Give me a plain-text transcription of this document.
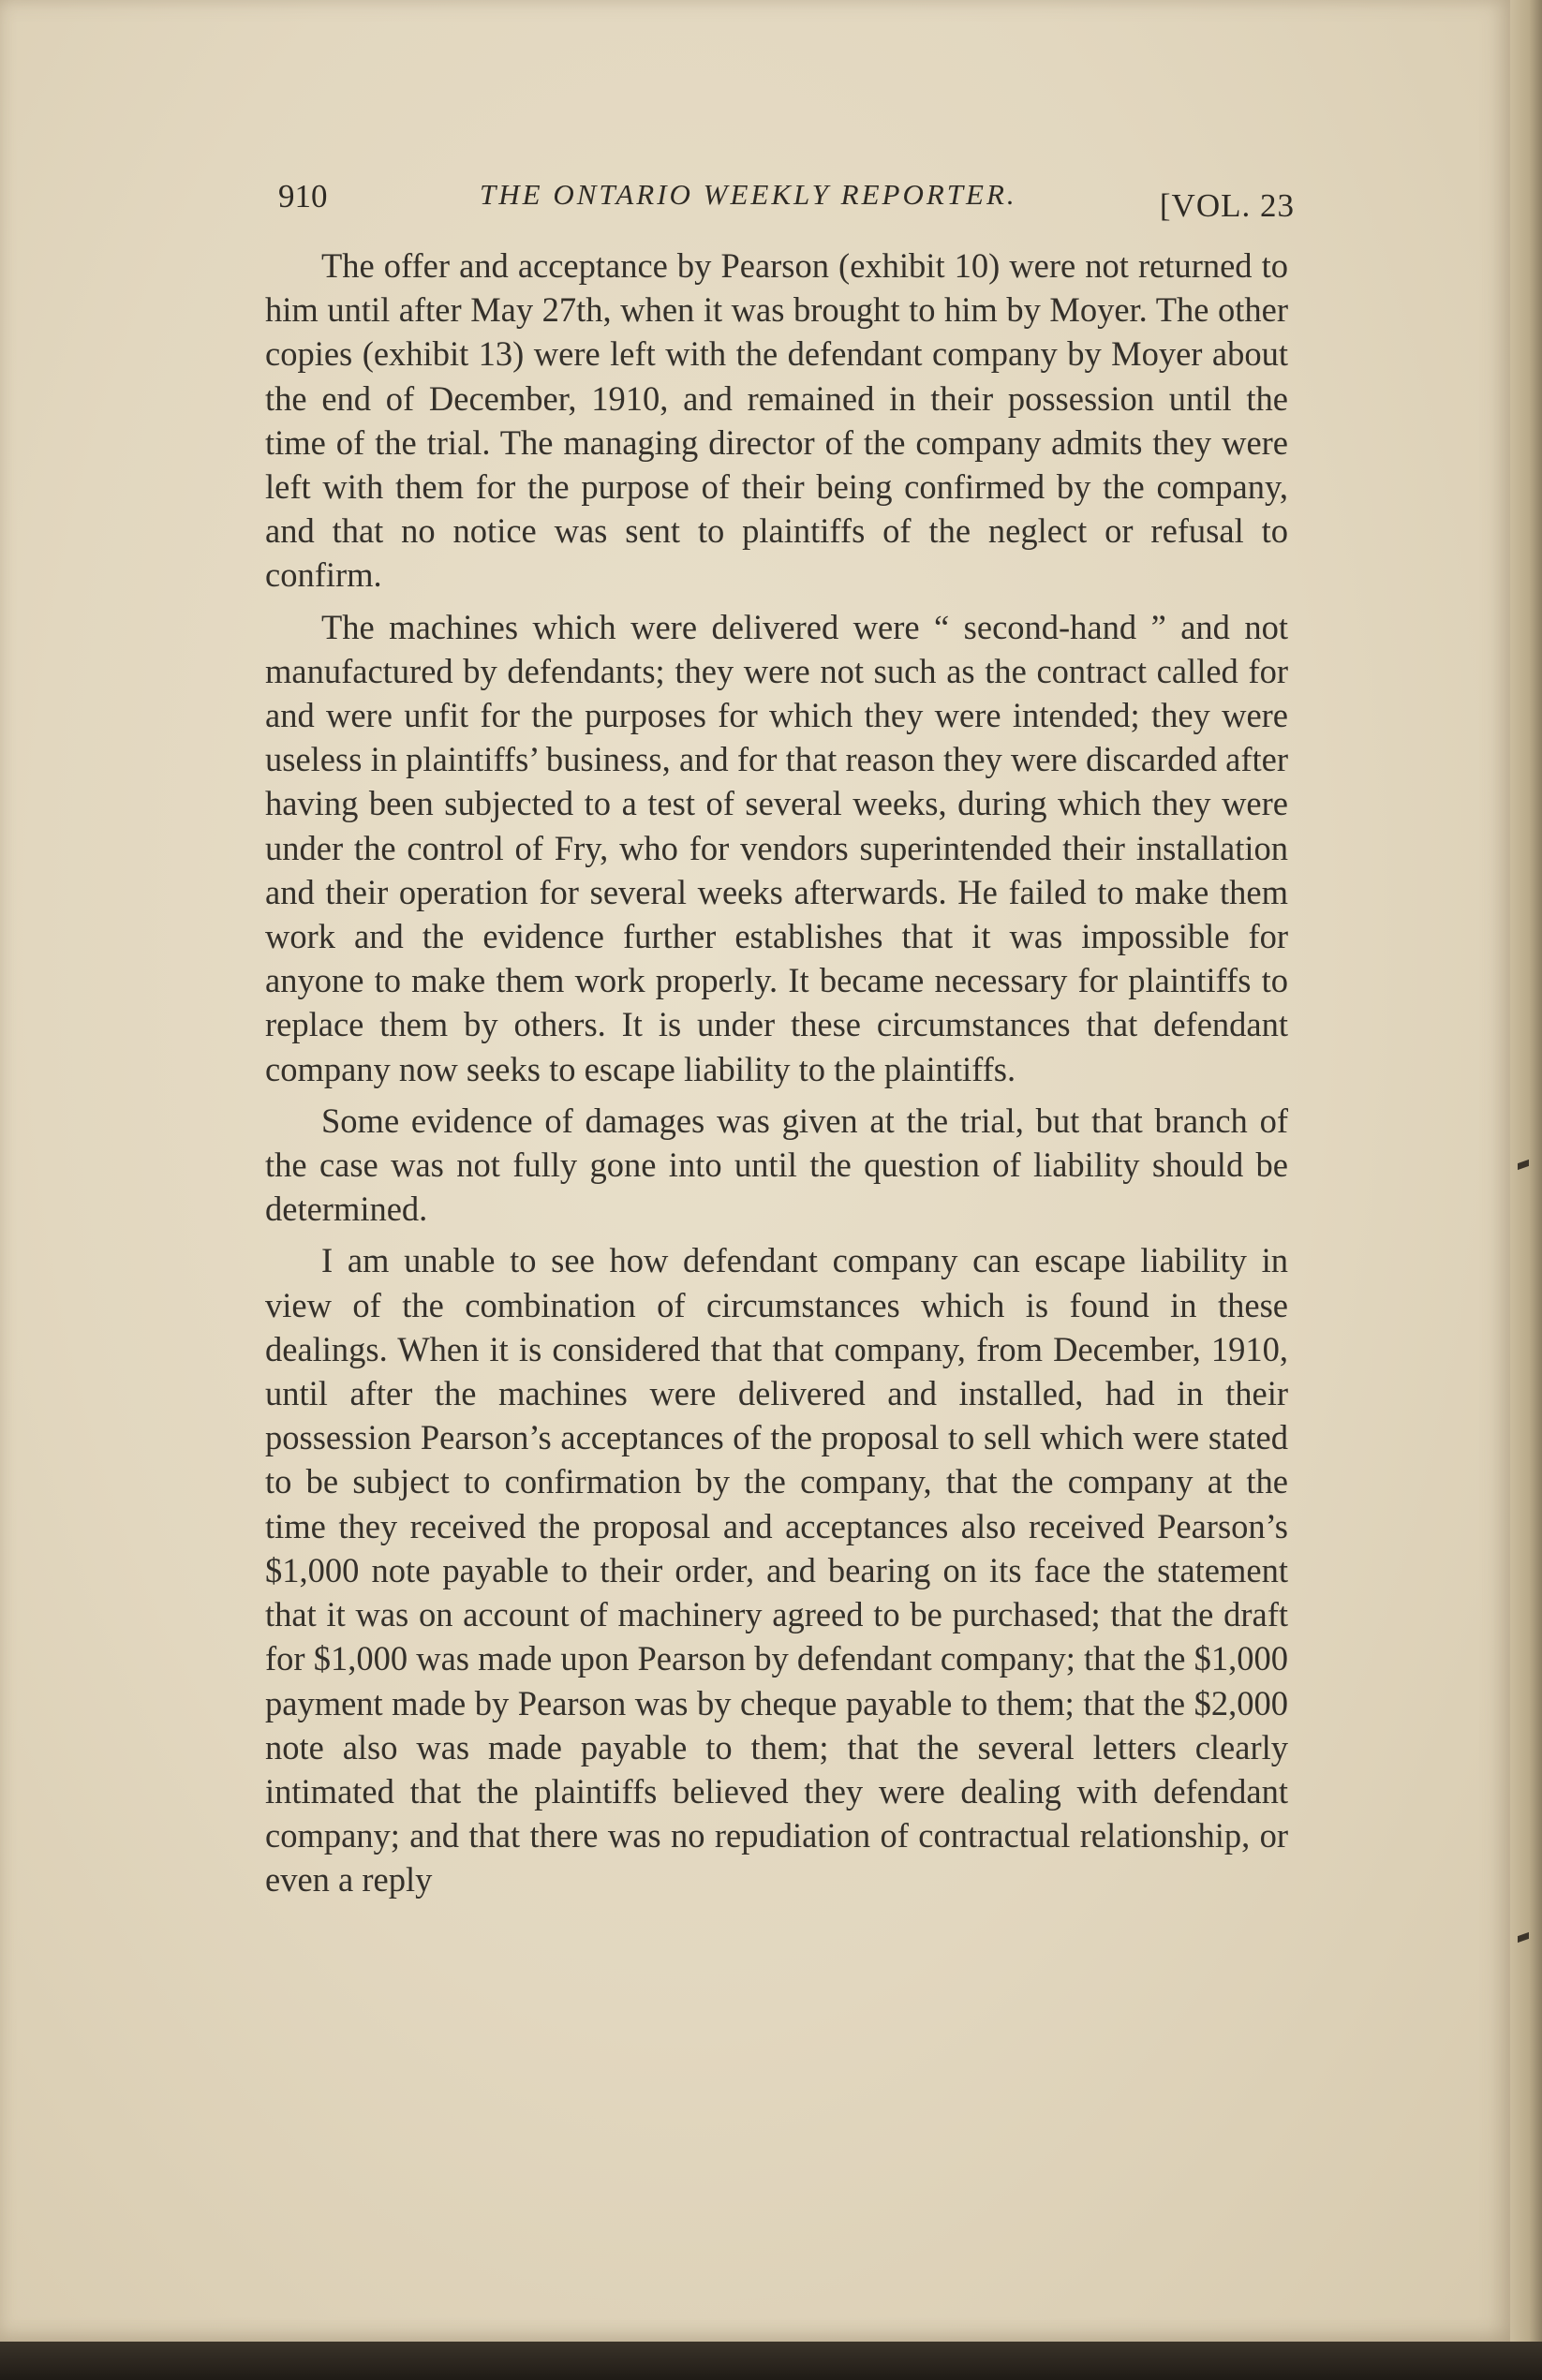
910	THE ONTARIO WEEKLY REPORTER.	[VOL. 23

The offer and acceptance by Pearson (exhibit 10) were not returned to him until after May 27th, when it was brought to him by Moyer. The other copies (exhibit 13) were left with the defendant company by Moyer about the end of December, 1910, and remained in their possession until the time of the trial. The managing director of the company admits they were left with them for the purpose of their being confirmed by the company, and that no notice was sent to plaintiffs of the neglect or refusal to confirm.

The machines which were delivered were “ second-hand ” and not manufactured by defendants; they were not such as the contract called for and were unfit for the purposes for which they were intended; they were useless in plaintiffs’ business, and for that reason they were discarded after having been subjected to a test of several weeks, during which they were under the control of Fry, who for vendors superintended their installation and their operation for several weeks afterwards. He failed to make them work and the evidence further establishes that it was impossible for anyone to make them work properly. It became necessary for plaintiffs to replace them by others. It is under these circumstances that defendant company now seeks to escape liability to the plaintiffs.

Some evidence of damages was given at the trial, but that branch of the case was not fully gone into until the question of liability should be determined.

I am unable to see how defendant company can escape liability in view of the combination of circumstances which is found in these dealings. When it is considered that that company, from December, 1910, until after the machines were delivered and installed, had in their possession Pearson’s acceptances of the proposal to sell which were stated to be subject to confirmation by the company, that the company at the time they received the proposal and acceptances also received Pearson’s $1,000 note payable to their order, and bearing on its face the statement that it was on account of machinery agreed to be purchased; that the draft for $1,000 was made upon Pearson by defendant company; that the $1,000 payment made by Pearson was by cheque payable to them; that the $2,000 note also was made payable to them; that the several letters clearly intimated that the plaintiffs believed they were dealing with defendant company; and that there was no repudiation of contractual relationship, or even a reply
